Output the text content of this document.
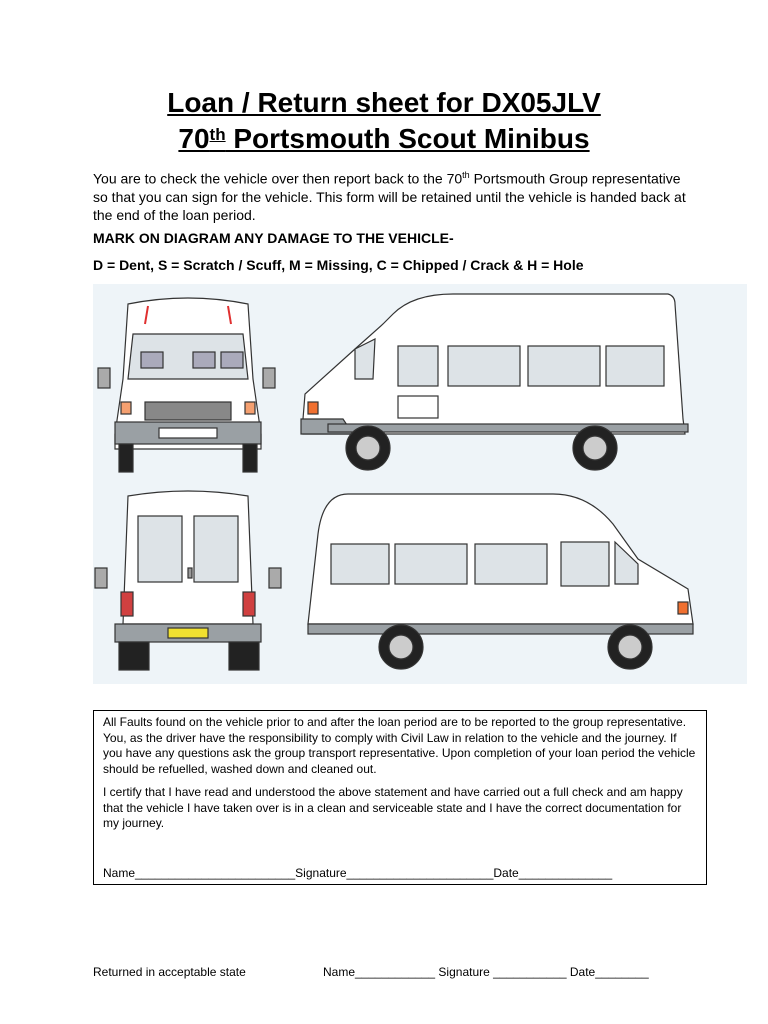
Loan / Return sheet for DX05JLV
70th Portsmouth Scout Minibus
You are to check the vehicle over then report back to the 70th Portsmouth Group representative so that you can sign for the vehicle. This form will be retained until the vehicle is handed back at the end of the loan period.
MARK ON DIAGRAM ANY DAMAGE TO THE VEHICLE-
D = Dent, S = Scratch / Scuff, M = Missing, C = Chipped / Crack & H = Hole

All Faults found on the vehicle prior to and after the loan period are to be reported to the group representative. You, as the driver have the responsibility to comply with Civil Law in relation to the vehicle and the journey. If you have any questions ask the group transport representative. Upon completion of your loan period the vehicle should be refuelled, washed down and cleaned out.

I certify that I have read and understood the above statement and have carried out a full check and am happy that the vehicle I have taken over is in a clean and serviceable state and I have the correct documentation for my journey.

Name________________________Signature______________________Date______________
Returned in acceptable state	Name____________ Signature ___________ Date________
